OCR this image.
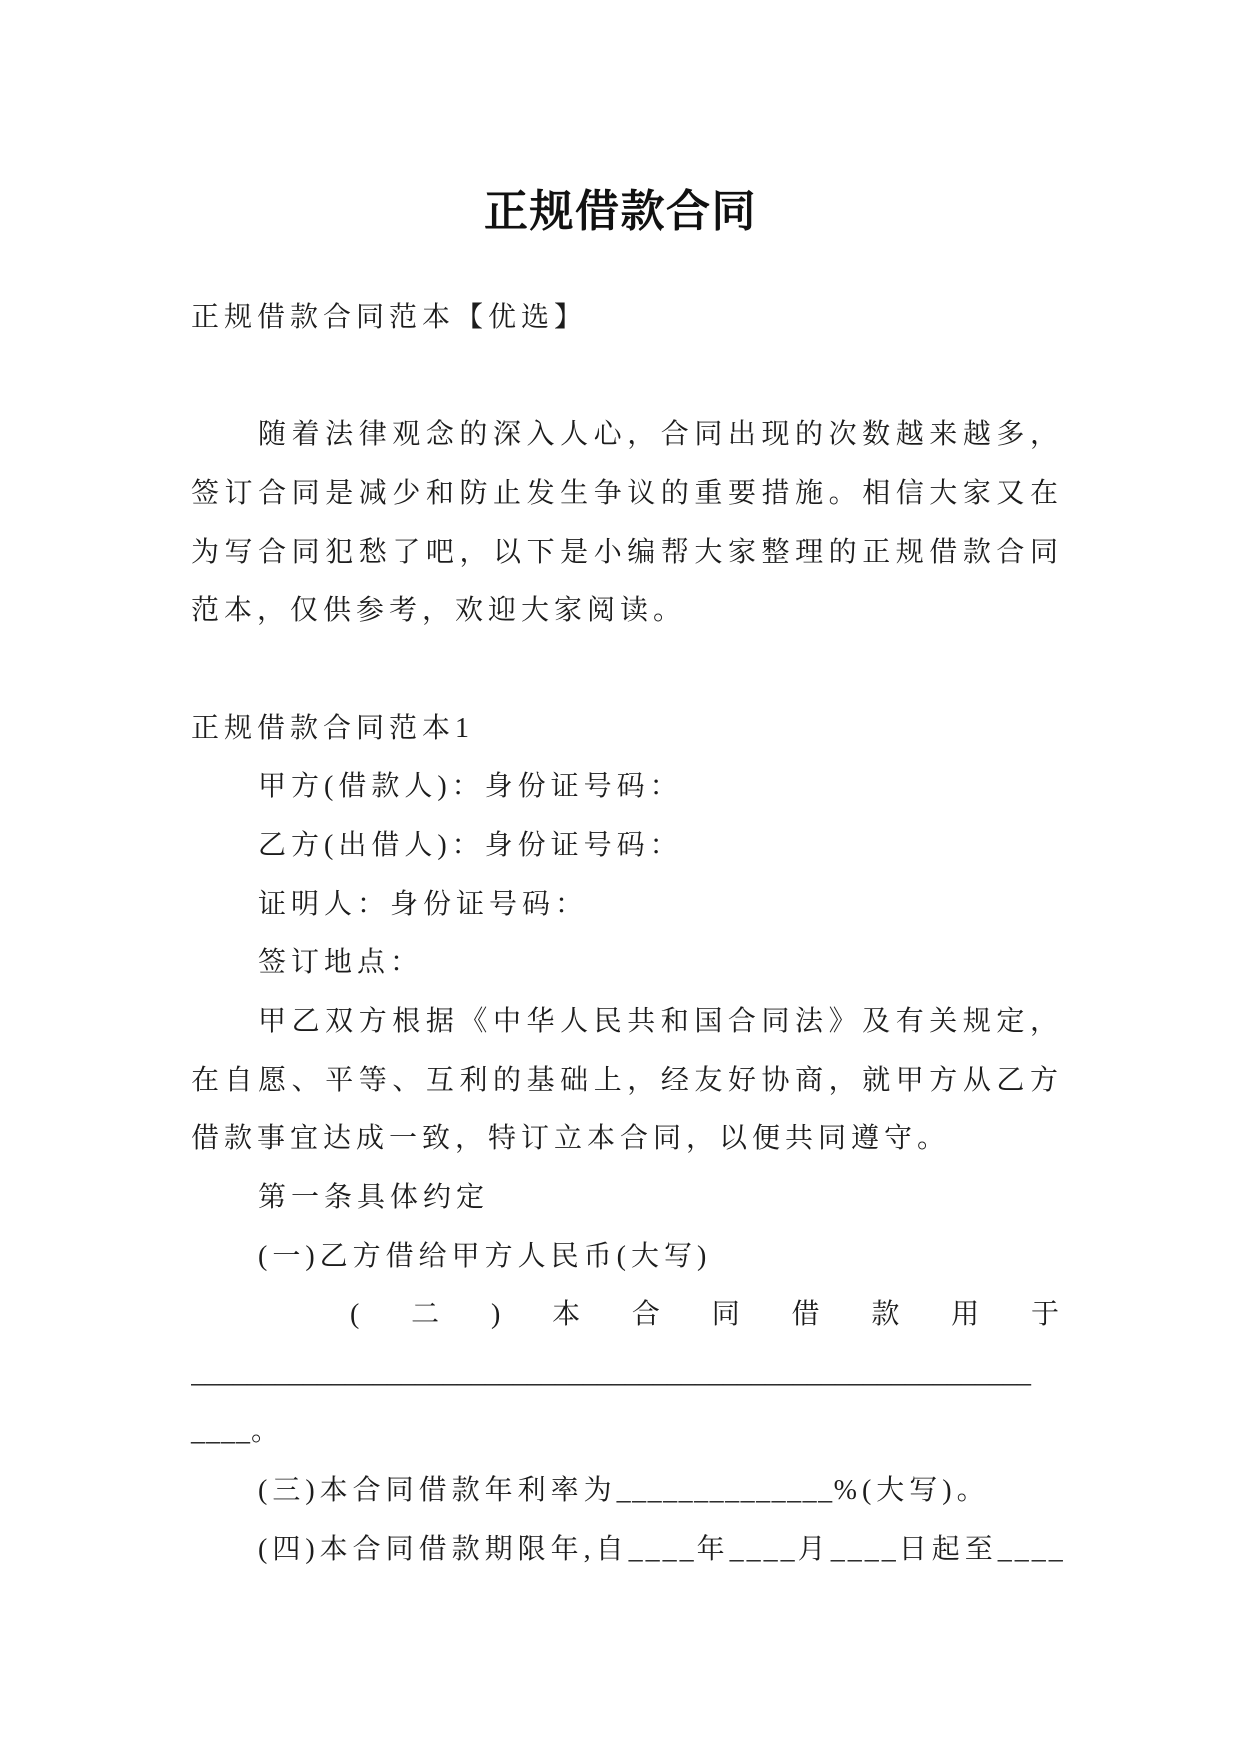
正规借款合同
正规借款合同范本【优选】
随着法律观念的深入人心，合同出现的次数越来越多，
签订合同是减少和防止发生争议的重要措施。相信大家又在
为写合同犯愁了吧，以下是小编帮大家整理的正规借款合同
范本，仅供参考，欢迎大家阅读。
正规借款合同范本1
甲方(借款人)：身份证号码：
乙方(出借人)：身份证号码：
证明人：身份证号码：
签订地点：
甲乙双方根据《中华人民共和国合同法》及有关规定，
在自愿、平等、互利的基础上，经友好协商，就甲方从乙方
借款事宜达成一致，特订立本合同，以便共同遵守。
第一条具体约定
(一)乙方借给甲方人民币(大写)
( 二 ) 本 合 同 借 款 用 于
____________________________________________________________
____。
(三)本合同借款年利率为______________%(大写)。
(四)本合同借款期限年,自____年____月____日起至____
